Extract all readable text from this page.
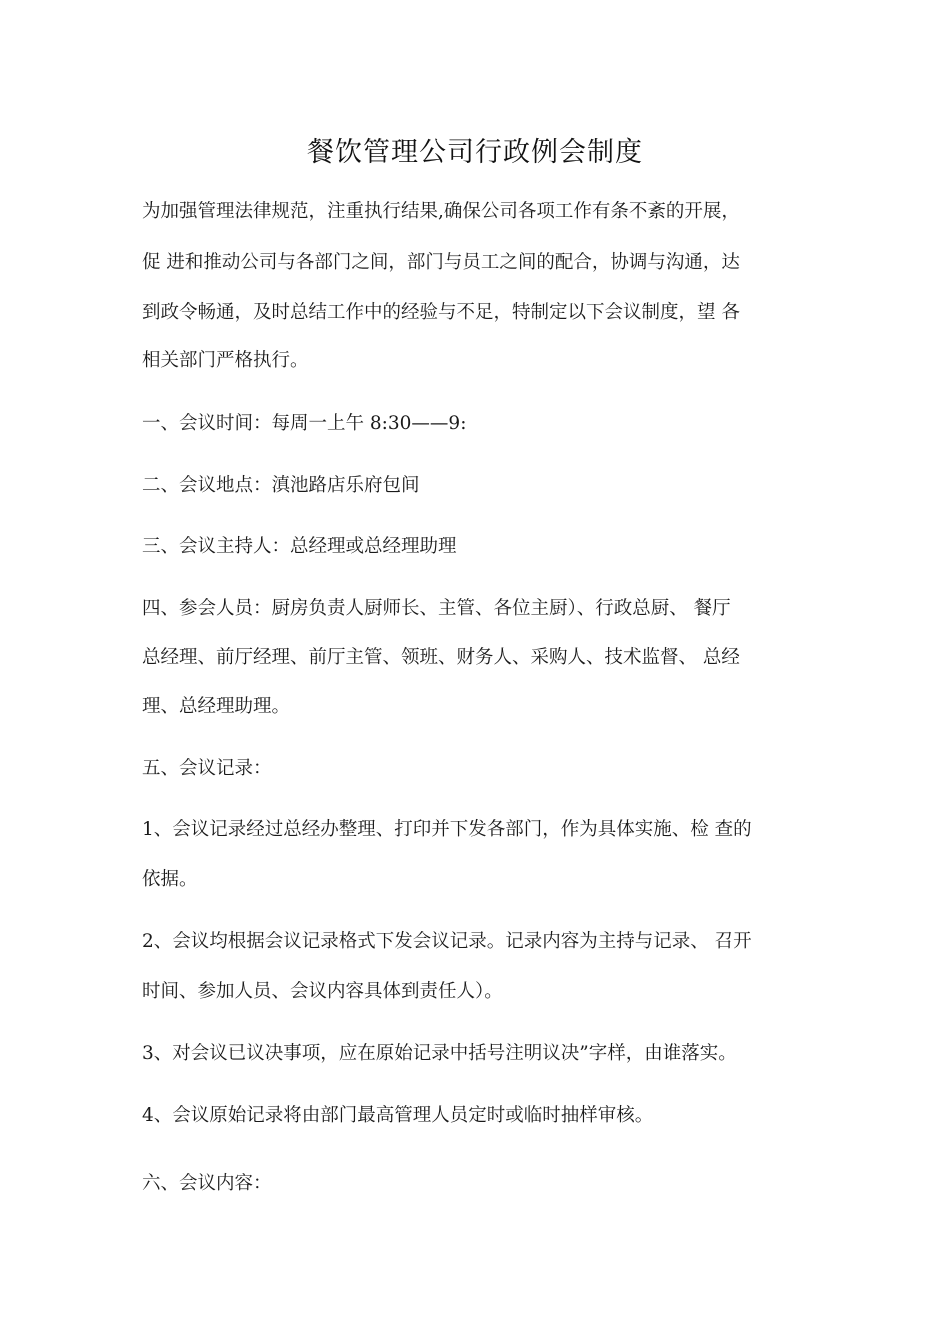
餐饮管理公司行政例会制度

为加强管理法律规范，注重执行结果,确保公司各项工作有条不紊的开展，

促 进和推动公司与各部门之间，部门与员工之间的配合，协调与沟通，达

到政令畅通，及时总结工作中的经验与不足，特制定以下会议制度，望 各

相关部门严格执行。

一、会议时间：每周一上午 8:30——9:

二、会议地点：滇池路店乐府包间

三、会议主持人：总经理或总经理助理

四、参会人员：厨房负责人厨师长、主管、各位主厨）、行政总厨、 餐厅

总经理、前厅经理、前厅主管、领班、财务人、采购人、技术监督、 总经

理、总经理助理。

五、会议记录：

1、会议记录经过总经办整理、打印并下发各部门，作为具体实施、检 查的

依据。

2、会议均根据会议记录格式下发会议记录。记录内容为主持与记录、 召开

时间、参加人员、会议内容具体到责任人）。

3、对会议已议决事项，应在原始记录中括号注明议决”字样，由谁落实。

4、会议原始记录将由部门最高管理人员定时或临时抽样审核。

六、会议内容：
